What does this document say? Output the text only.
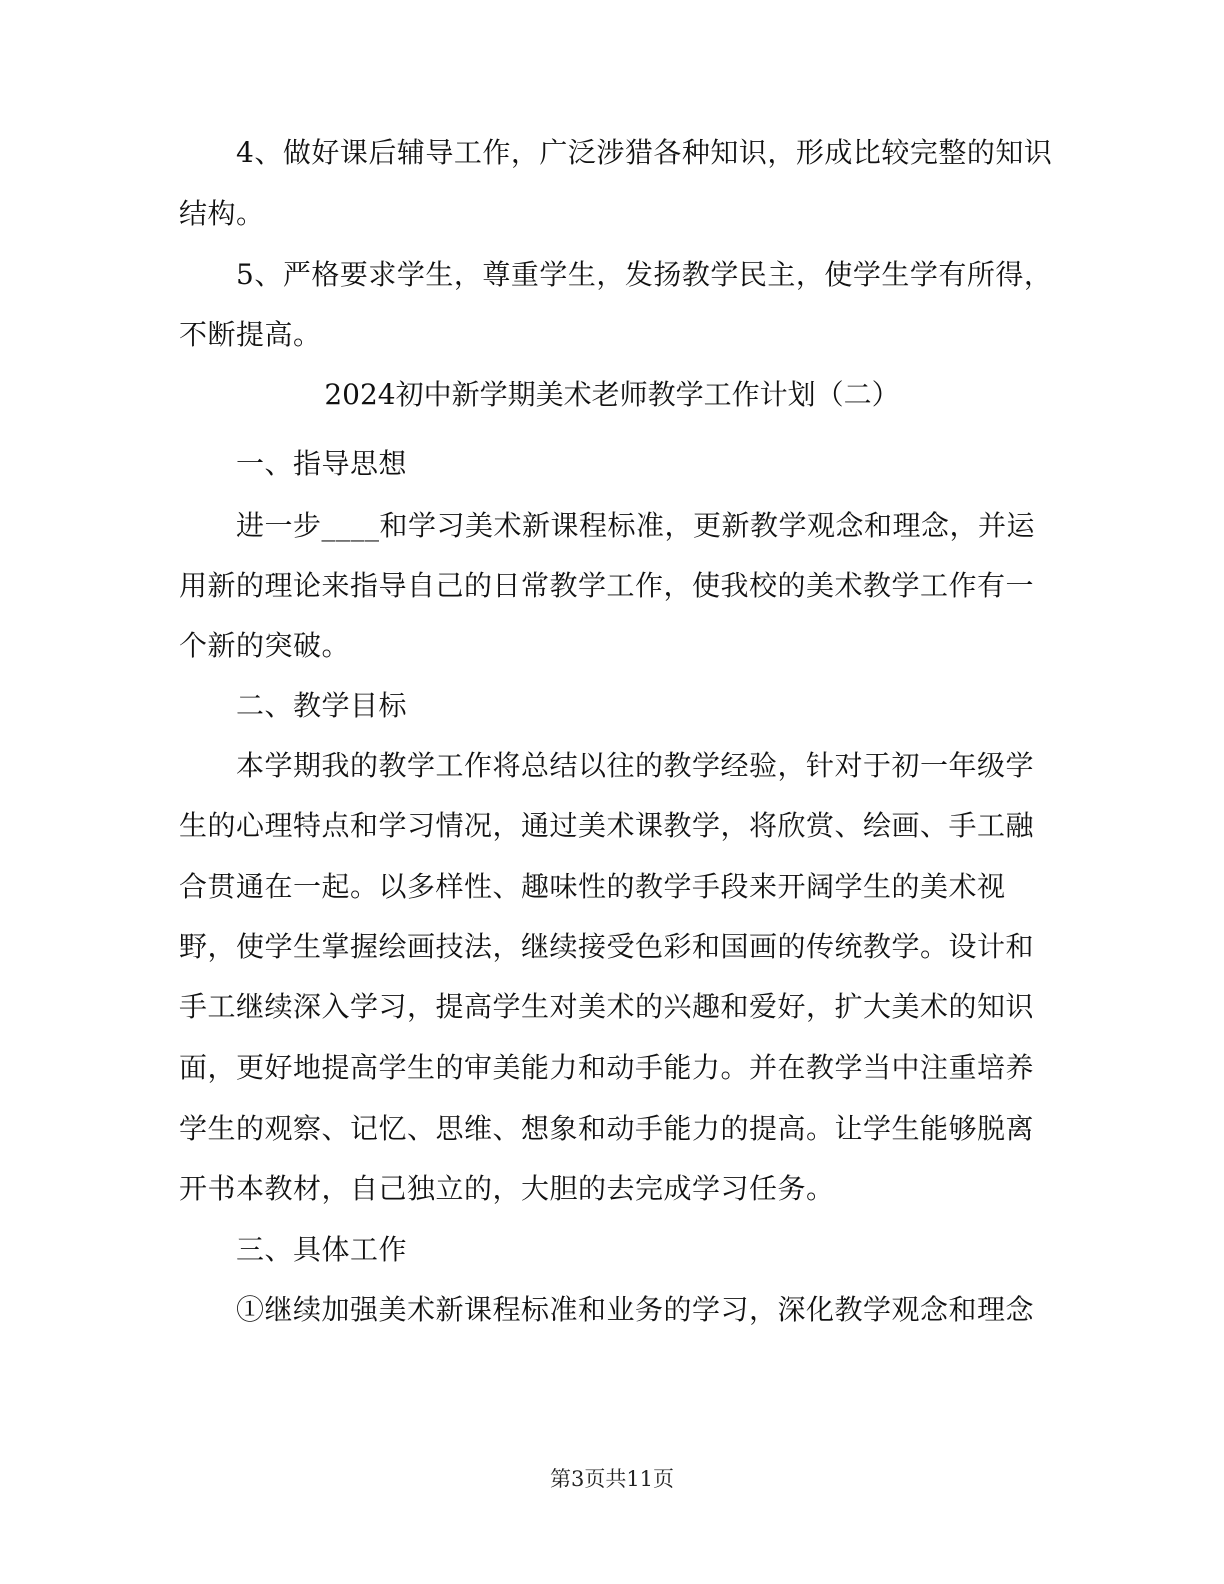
4、做好课后辅导工作，广泛涉猎各种知识，形成比较完整的知识
结构。
5、严格要求学生，尊重学生，发扬教学民主，使学生学有所得，
不断提高。
2024初中新学期美术老师教学工作计划（二）
一、指导思想
进一步____和学习美术新课程标准，更新教学观念和理念，并运
用新的理论来指导自己的日常教学工作，使我校的美术教学工作有一
个新的突破。
二、教学目标
本学期我的教学工作将总结以往的教学经验，针对于初一年级学
生的心理特点和学习情况，通过美术课教学，将欣赏、绘画、手工融
合贯通在一起。以多样性、趣味性的教学手段来开阔学生的美术视
野，使学生掌握绘画技法，继续接受色彩和国画的传统教学。设计和
手工继续深入学习，提高学生对美术的兴趣和爱好，扩大美术的知识
面，更好地提高学生的审美能力和动手能力。并在教学当中注重培养
学生的观察、记忆、思维、想象和动手能力的提高。让学生能够脱离
开书本教材，自己独立的，大胆的去完成学习任务。
三、具体工作
①继续加强美术新课程标准和业务的学习，深化教学观念和理念
第3页共11页
